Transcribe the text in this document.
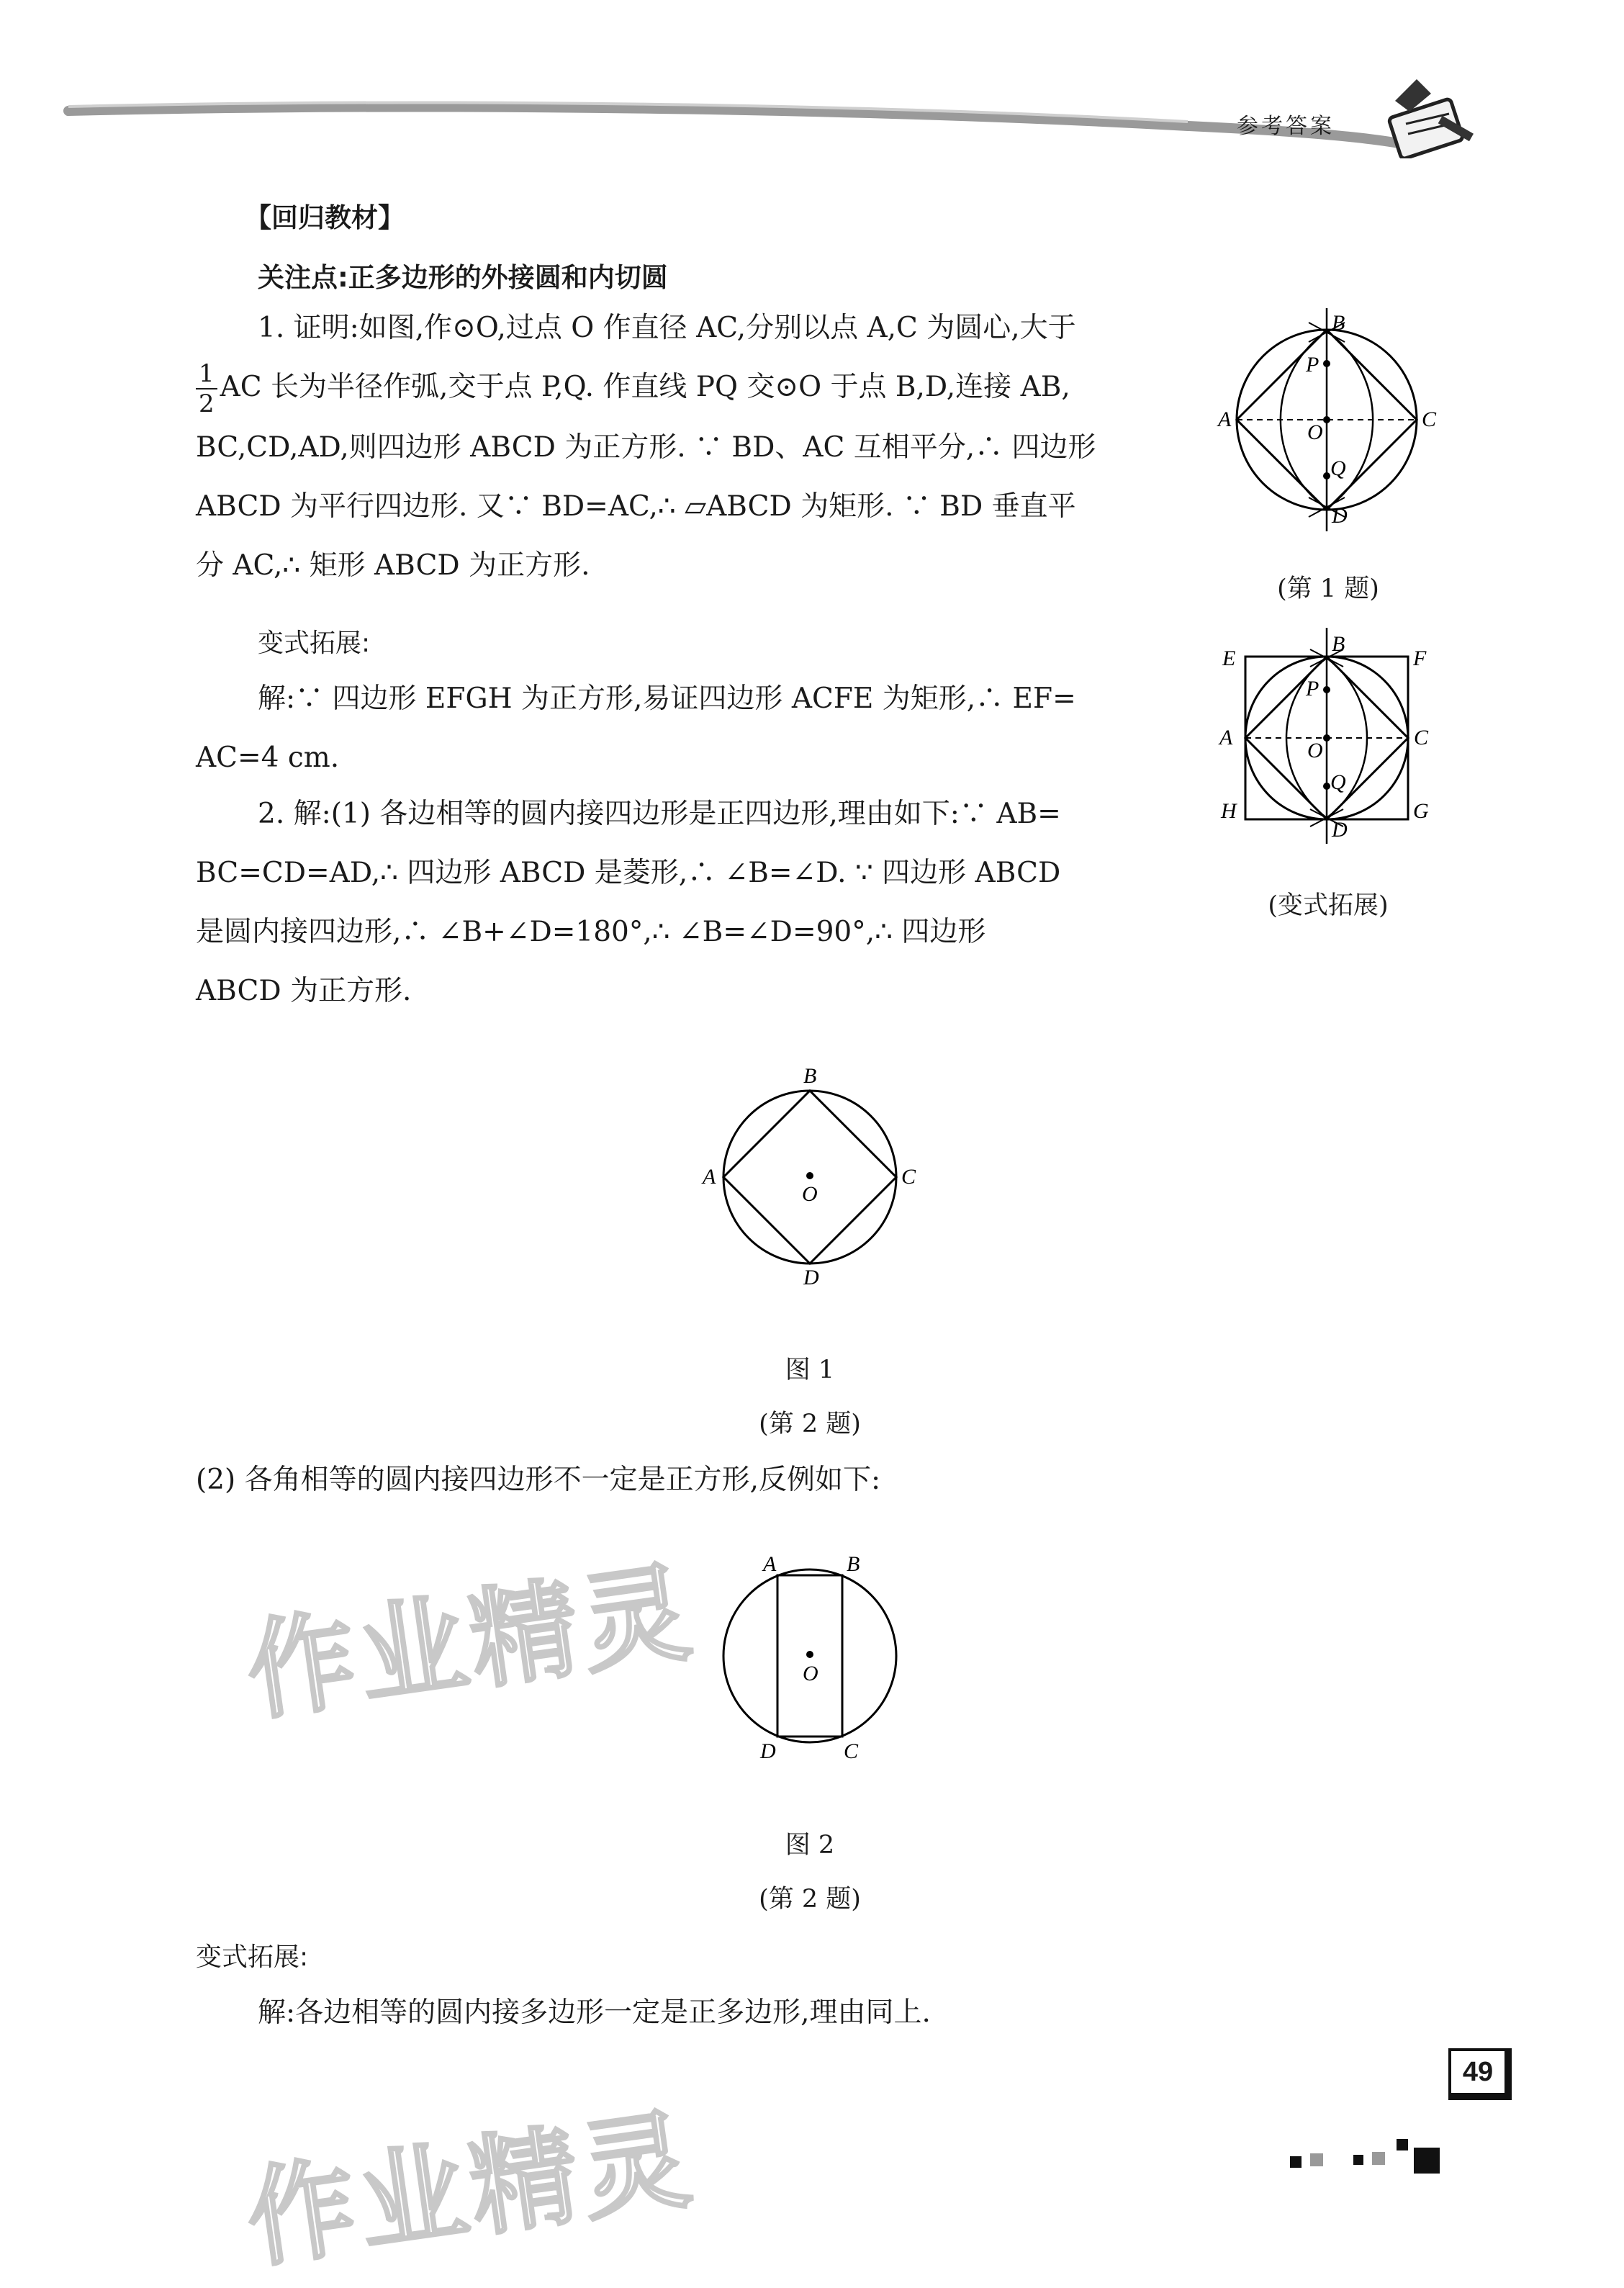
参考答案
【回归教材】
关注点:正多边形的外接圆和内切圆

1. 证明:如图,作⊙O,过点 O 作直径 AC,分别以点 A,C 为圆心,大于

$\frac{1}{2}$ AC 长为半径作弧,交于点 P,Q. 作直线 PQ 交⊙O 于点 B,D,连接 AB,

BC,CD,AD,则四边形 ABCD 为正方形. ∵ BD、AC 互相平分,∴ 四边形

ABCD 为平行四边形. 又∵ BD=AC,∴ ▱ABCD 为矩形. ∵ BD 垂直平

分 AC,∴ 矩形 ABCD 为正方形.

变式拓展:

解:∵ 四边形 EFGH 为正方形,易证四边形 ACFE 为矩形,∴ EF=

AC=4 cm.

2. 解:(1) 各边相等的圆内接四边形是正四边形,理由如下:∵ AB=

BC=CD=AD,∴ 四边形 ABCD 是菱形,∴ ∠B=∠D. ∵ 四边形 ABCD

是圆内接四边形,∴ ∠B+∠D=180°,∴ ∠B=∠D=90°,∴ 四边形

ABCD 为正方形.

B
P
A
O
C
Q
D
(第 1 题)
E
B
F
P
A
O
C
Q
H
D
G
(变式拓展)
B
A
O
C
D
图 1
(第 2 题)
(2) 各角相等的圆内接四边形不一定是正方形,反例如下:
A	B
O
D	C
图 2
(第 2 题)
变式拓展:
解:各边相等的圆内接多边形一定是正多边形,理由同上.
作业精灵
作业精灵
49
